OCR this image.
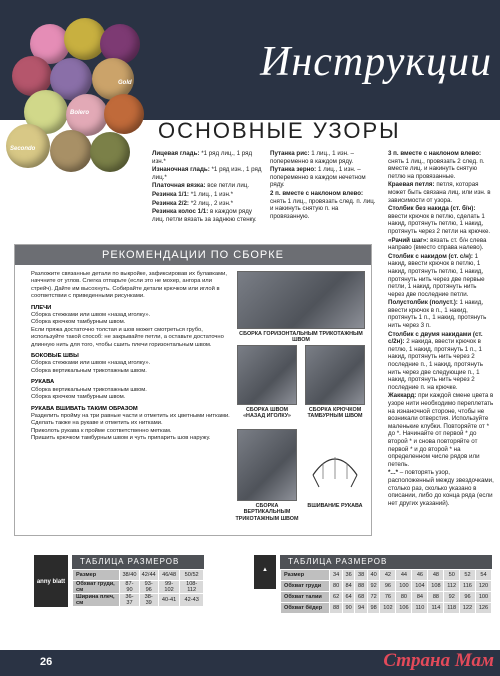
Инструкции
Secondo
Bolero
Gold
ОСНОВНЫЕ УЗОРЫ

Лицевая гладь: *1 ряд лиц., 1 ряд изн.*

Изнаночная гладь: *1 ряд изн., 1 ряд лиц.*

Платочная вязка: все петли лиц.

Резинка 1/1: *1 лиц., 1 изн.*

Резинка 2/2: *2 лиц., 2 изн.*

Резинка колос 1/1: в каждом ряду лиц. петли вязать за заднюю стенку.

Путанка рис: 1 лиц., 1 изн. – попеременно в каждом ряду.

Путанка зерно: 1 лиц., 1 изн. – попеременно в каждом нечетном ряду.

2 п. вместе с наклоном влево: снять 1 лиц., провязать след. п. лиц. и накинуть снятую п. на провязанную.

3 п. вместе с наклоном влево: снять 1 лиц., провязать 2 след. п. вместе лиц. и накинуть снятую петлю на провязанные.

Краевая петля: петля, которая может быть связана лиц. или изн. в зависимости от узора.

Столбик без накида (ст. б/н): ввести крючок в петлю, сделать 1 накид, протянуть петлю, 1 накид, протянуть через 2 петли на крючке.

«Рачий шаг»: вязать ст. б/н слева направо (вместо справа налево).

Столбик с накидом (ст. с/н): 1 накид, ввести крючок в петлю, 1 накид, протянуть петлю, 1 накид, протянуть нить через две первые петли, 1 накид, протянуть нить через две последние петли.

Полустолбик (полуст.): 1 накид, ввести крючок в п., 1 накид, протянуть 1 п., 1 накид, протянуть нить через 3 п.

Столбик с двумя накидами (ст. с/2н): 2 накида, ввести крючок в петлю, 1 накид, протянуть 1 п., 1 накид, протянуть нить через 2 последние п., 1 накид, протянуть нить через две следующие п., 1 накид, протянуть нить через 2 последние п. на крючке.

Жаккард: при каждой смене цвета в узоре нити необходимо переплетать на изнаночной стороне, чтобы не возникали отверстия. Используйте маленькие клубки. Повторяйте от * до *. Начинайте от первой * до второй * и снова повторяйте от первой * и до второй * на определенном числе рядов или петель.

*...* – повторять узор, расположенный между звездочками, столько раз, сколько указано в описании, либо до конца ряда (если нет других указаний).

РЕКОМЕНДАЦИИ ПО СБОРКЕ
Разложите связанные детали по выкройке, зафиксировав их булавками, наччните от углов. Слегка отпарьте (если это не мохер, ангора или стрейч). Дайте им высохнуть. Собирайте детали крючком или иглой в соответствии с приведенными рисунками.
ПЛЕЧИ
Сборка стежками или швом «назад иголку».
Сборка крючком тамбурным швом.
Если пряжа достаточно толстая и шов может смотреться грубо, используйте такой способ: не закрывайте петли, а оставьте достаточно длинную нить для того, чтобы сшить плечи горизонтальным швом.
БОКОВЫЕ ШВЫ
Сборка стежками или швом «назад иголку».
Сборка вертикальным трикотажным швом.
РУКАВА
Сборка вертикальным трикотажным швом.
Сборка крючком тамбурным швом.
РУКАВА ВШИВАТЬ ТАКИМ ОБРАЗОМ
Разделить пройму на три равные части и отметить их цветными нитками.
Сделать также на рукаве и отметить их нитками.
Приколоть рукава к пройме соответственно меткам.
Пришить крючком тамбурным швом и чуть припарить шов наружу.
СБОРКА ГОРИЗОНТАЛЬНЫМ ТРИКОТАЖНЫМ ШВОМ
СБОРКА ШВОМ «НАЗАД ИГОЛКУ»
СБОРКА КРЮЧКОМ ТАМБУРНЫМ ШВОМ
СБОРКА ВЕРТИКАЛЬНЫМ ТРИКОТАЖНЫМ ШВОМ
ВШИВАНИЕ РУКАВА
anny blatt
ТАБЛИЦА РАЗМЕРОВ
Размер	38/40	42/44	46/48	50/52
Обхват груди, см	87-90	93-96	99-102	108-112
Ширина плеч, см	36-37	38-39	40-41	42-43
▲
ТАБЛИЦА РАЗМЕРОВ
Размер	34	36	38	40	42	44	46	48	50	52	54
Обхват груди	80	84	88	92	96	100	104	108	112	116	120
Обхват талии	62	64	68	72	76	80	84	88	92	96	100
Обхват бёдер	88	90	94	98	102	106	110	114	118	122	126
26	Страна Мам
